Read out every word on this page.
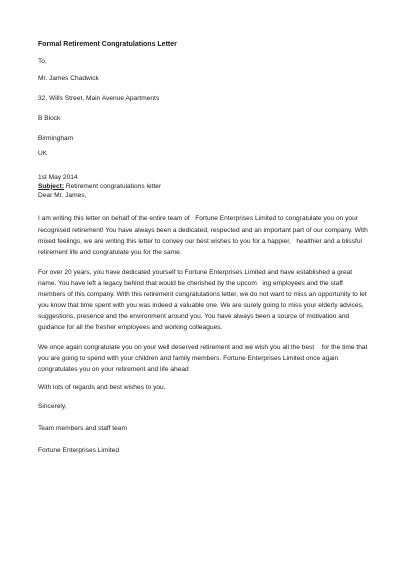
Formal Retirement Congratulations Letter
To,
Mr. James Chadwick
32, Wills Street, Main Avenue Apartments
B Block
Birmingham
UK
1st May 2014
Subject: Retirement congratulations letter
Dear Mr. James,
I am writing this letter on behalf of the entire team of   Fortune Enterprises Limited to congratulate you on your recognised retirement! You have always been a dedicated, respected and an important part of our company. With mixed feelings, we are writing this letter to convey our best wishes to you for a happier,   healthier and a blissful retirement life and congratulate you for the same.
For over 20 years, you have dedicated yourself to Fortune Enterprises Limited and have established a great name. You have left a legacy behind that would be cherished by the upcom   ing employees and the staff members of this company. With this retirement congratulations letter, we do not want to miss an opportunity to let you know that time spent with you was indeed a valuable one. We are surely going to miss your elderly advices, suggestions, presence and the environment around you. You have always been a source of motivation and guidance for all the fresher employees and working colleagues.
We once again congratulate you on your well deserved retirement and we wish you all the best    for the time that you are going to spend with your children and family members. Fortune Enterprises Limited once again congratulates you on your retirement and life ahead
With lots of regards and best wishes to you.
Sincerely,
Team members and staff team
Fortune Enterprises Limited
